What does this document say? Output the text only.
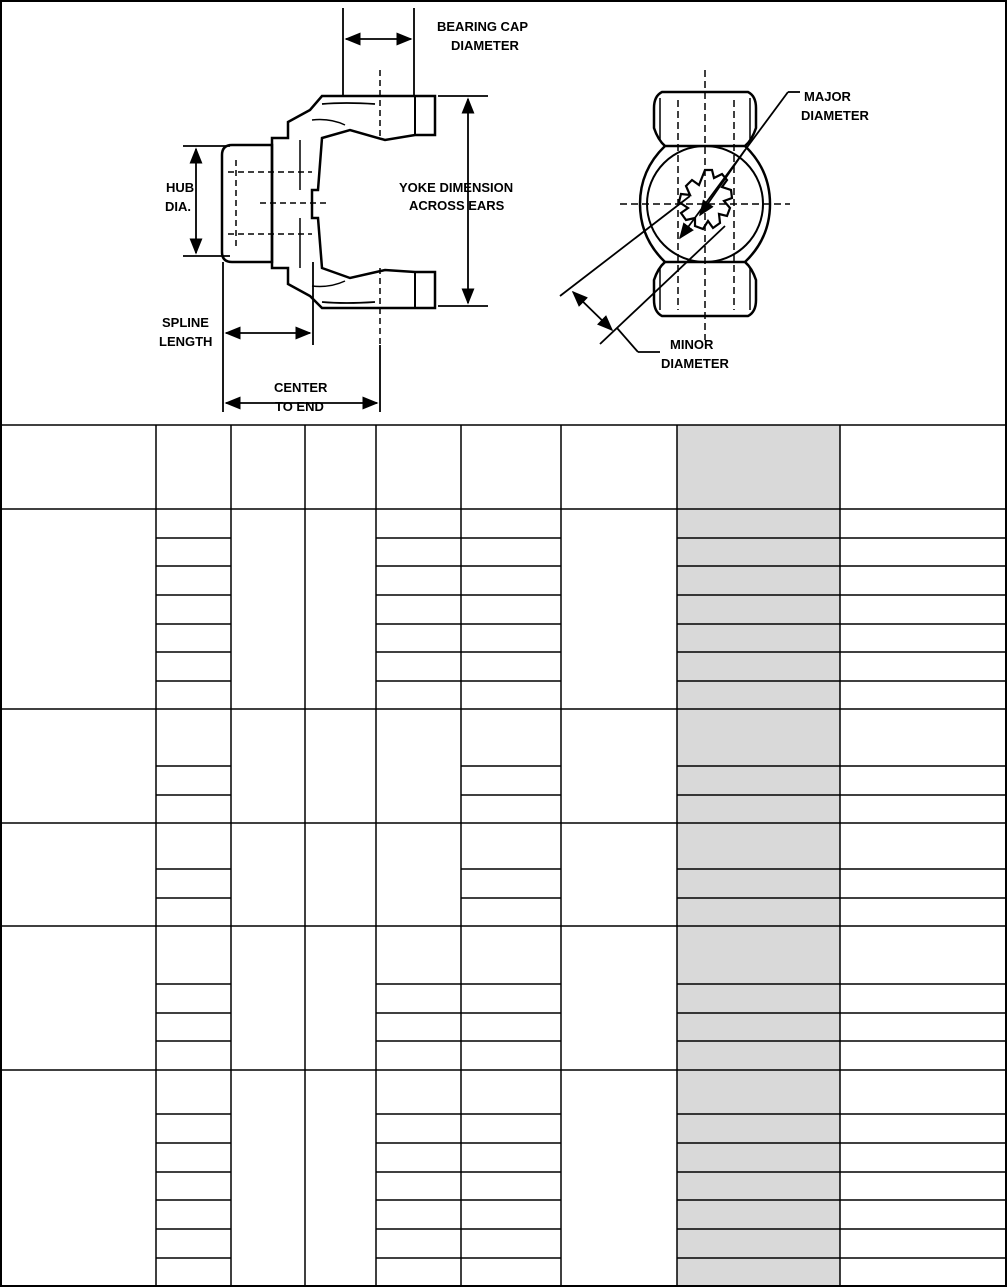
BEARING CAP
DIAMETER
YOKE DIMENSION
ACROSS EARS
HUB
DIA.
SPLINE
LENGTH
CENTER
TO END
MAJOR
DIAMETER
MINOR
DIAMETER
